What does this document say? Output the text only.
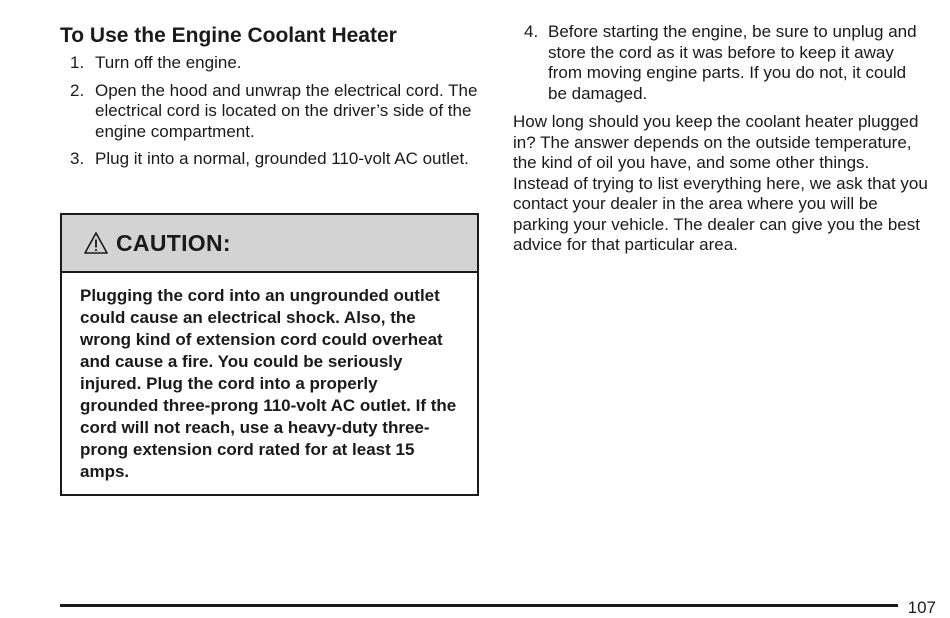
To Use the Engine Coolant Heater
1. Turn off the engine.
2. Open the hood and unwrap the electrical cord. The electrical cord is located on the driver’s side of the engine compartment.
3. Plug it into a normal, grounded 110-volt AC outlet.
CAUTION:
Plugging the cord into an ungrounded outlet could cause an electrical shock. Also, the wrong kind of extension cord could overheat and cause a fire. You could be seriously injured. Plug the cord into a properly grounded three-prong 110-volt AC outlet. If the cord will not reach, use a heavy-duty three-prong extension cord rated for at least 15 amps.
4. Before starting the engine, be sure to unplug and store the cord as it was before to keep it away from moving engine parts. If you do not, it could be damaged.

How long should you keep the coolant heater plugged in? The answer depends on the outside temperature, the kind of oil you have, and some other things. Instead of trying to list everything here, we ask that you contact your dealer in the area where you will be parking your vehicle. The dealer can give you the best advice for that particular area.

107
